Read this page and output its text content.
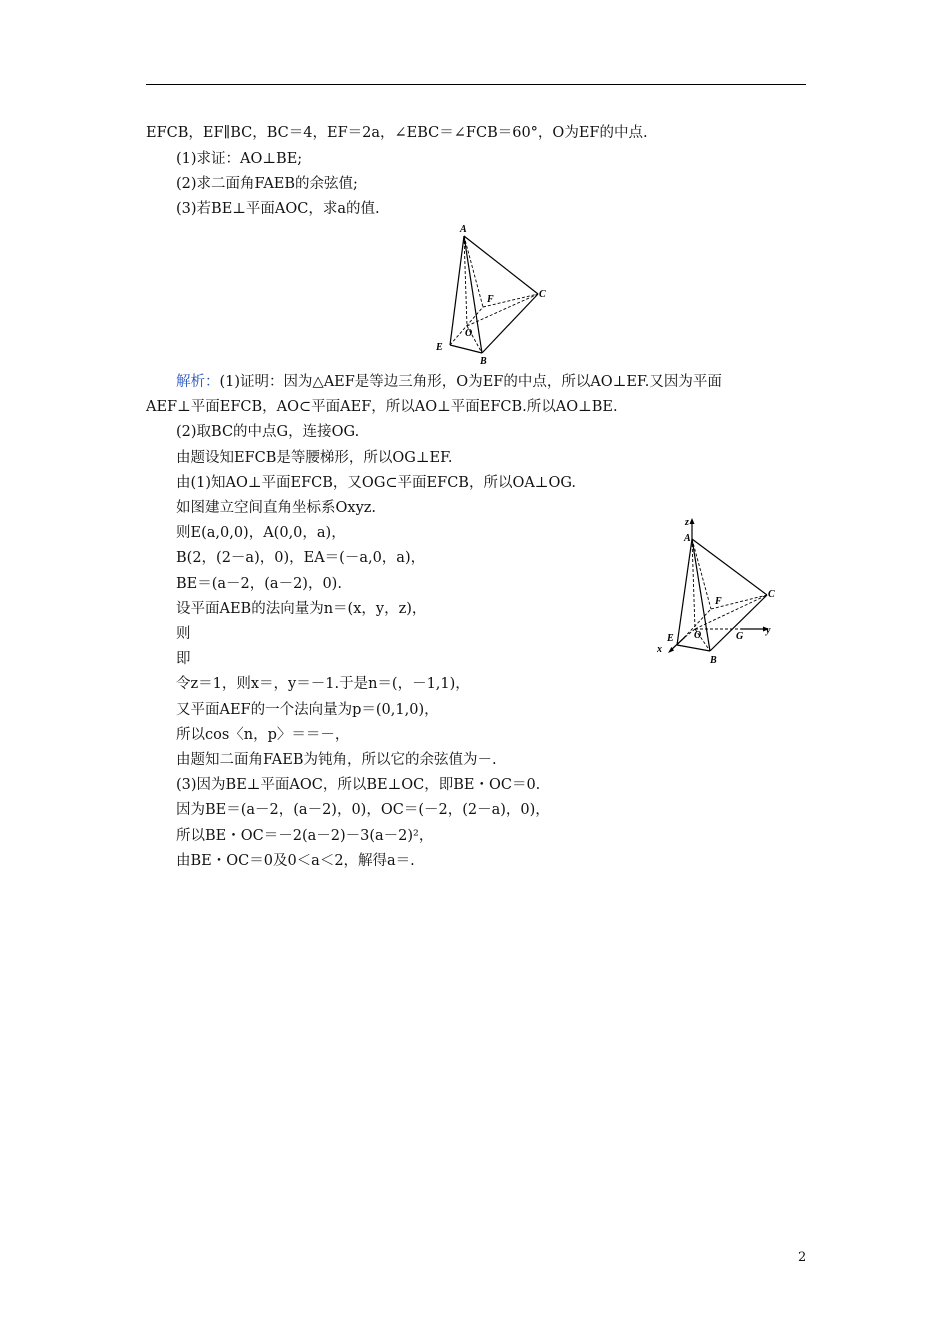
EFCB，EF∥BC，BC＝4，EF＝2a，∠EBC＝∠FCB＝60°，O为EF的中点.
(1)求证：AO⊥BE;
(2)求二面角FAEB的余弦值;
(3)若BE⊥平面AOC，求a的值.
A
F	C
O
E
B
解析：(1)证明：因为△AEF是等边三角形，O为EF的中点，所以AO⊥EF.又因为平面
AEF⊥平面EFCB，AO⊂平面AEF，所以AO⊥平面EFCB.所以AO⊥BE.
(2)取BC的中点G，连接OG.
由题设知EFCB是等腰梯形，所以OG⊥EF.
由(1)知AO⊥平面EFCB，又OG⊂平面EFCB，所以OA⊥OG.
如图建立空间直角坐标系Oxyz.
则E(a,0,0)，A(0,0，a)，
B(2，(2－a)，0)，EA＝(－a,0，a)，
BE＝(a－2，(a－2)，0).
设平面AEB的法向量为n＝(x，y，z)，
则
即
令z＝1，则x＝，y＝－1.于是n＝(，－1,1)，
又平面AEF的一个法向量为p＝(0,1,0)，
所以cos〈n，p〉＝＝－，
由题知二面角FAEB为钝角，所以它的余弦值为－.
(3)因为BE⊥平面AOC，所以BE⊥OC，即BE・OC＝0.
因为BE＝(a－2，(a－2)，0)，OC＝(－2，(2－a)，0)，
所以BE・OC＝－2(a－2)－3(a－2)²，
由BE・OC＝0及0＜a＜2，解得a＝.
z
A
F
C
E O	G
y
x
B
2
